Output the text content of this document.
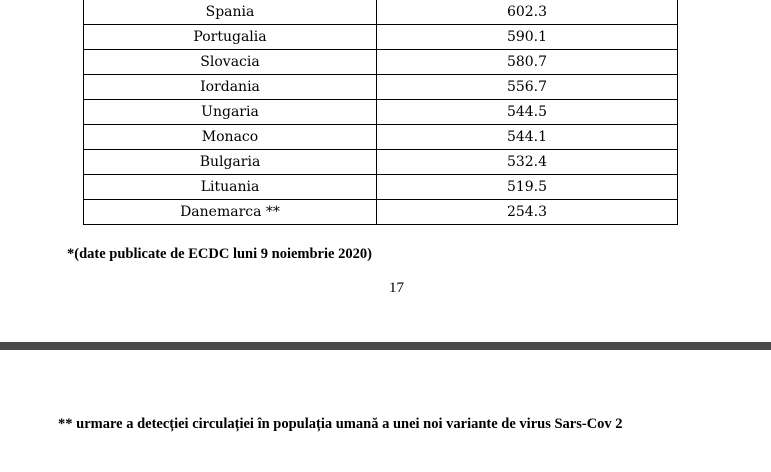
Spania	602.3
Portugalia	590.1
Slovacia	580.7
Iordania	556.7
Ungaria	544.5
Monaco	544.1
Bulgaria	532.4
Lituania	519.5
Danemarca **	254.3
*(date publicate de ECDC luni 9 noiembrie 2020)
17
** urmare a detecției circulației în populația umană a unei noi variante de virus Sars-Cov 2
